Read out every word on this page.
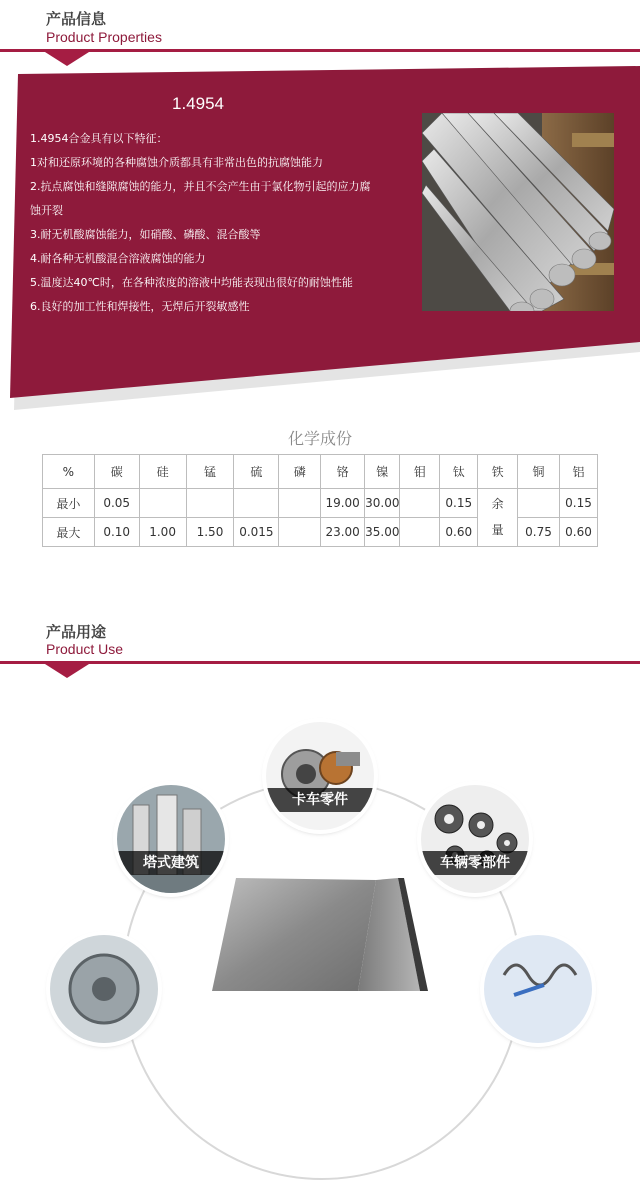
产品信息
Product Properties
1.4954
1.4954合金具有以下特征：
1对和还原环境的各种腐蚀介质都具有非常出色的抗腐蚀能力
2.抗点腐蚀和缝隙腐蚀的能力，并且不会产生由于氯化物引起的应力腐
蚀开裂
3.耐无机酸腐蚀能力，如硝酸、磷酸、混合酸等
4.耐各种无机酸混合溶液腐蚀的能力
5.温度达40℃时，在各种浓度的溶液中均能表现出很好的耐蚀性能
6.良好的加工性和焊接性，无焊后开裂敏感性
化学成份
%	碳	硅	锰	硫	磷	铬	镍	钼	钛	铁	铜	铝
最小	0.05					19.00	30.00		0.15	余量		0.15
最大	0.10	1.00	1.50	0.015		23.00	35.00		0.60		0.75	0.60
产品用途
Product Use
卡车零件
塔式建筑	车辆零部件
